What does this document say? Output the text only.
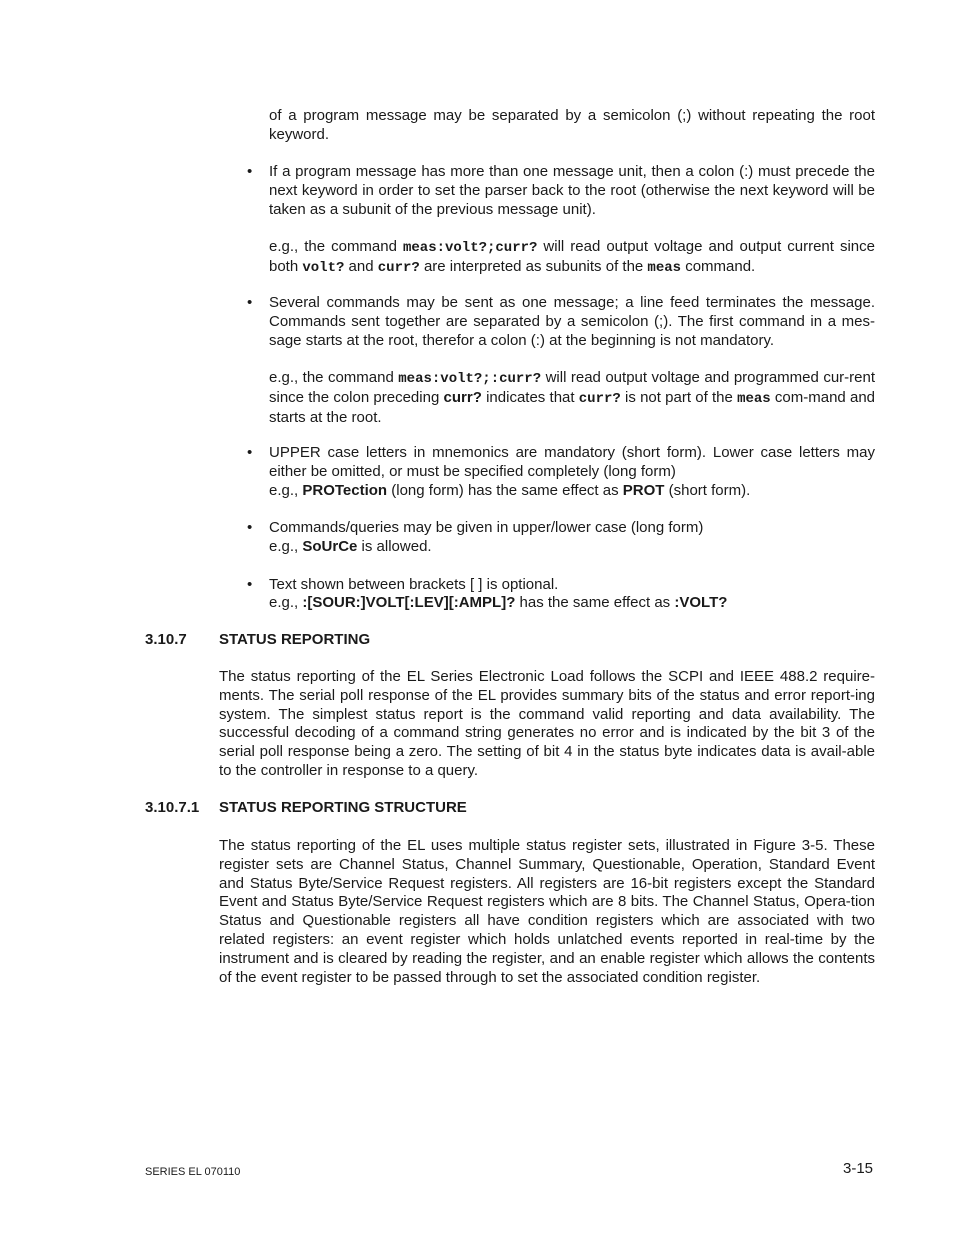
of a program message may be separated by a semicolon (;) without repeating the root keyword.

• If a program message has more than one message unit, then a colon (:) must precede the next keyword in order to set the parser back to the root (otherwise the next keyword will be taken as a subunit of the previous message unit).

e.g., the command meas:volt?;curr? will read output voltage and output current since both volt? and curr? are interpreted as subunits of the meas command.

• Several commands may be sent as one message; a line feed terminates the message. Commands sent together are separated by a semicolon (;). The first command in a mes-sage starts at the root, therefor a colon (:) at the beginning is not mandatory.

e.g., the command meas:volt?;:curr? will read output voltage and programmed cur-rent since the colon preceding curr? indicates that curr? is not part of the meas com-mand and starts at the root.

• UPPER case letters in mnemonics are mandatory (short form). Lower case letters may either be omitted, or must be specified completely (long form)

e.g., PROTection (long form) has the same effect as PROT (short form).

• Commands/queries may be given in upper/lower case (long form)

e.g., SoUrCe is allowed.

• Text shown between brackets [ ] is optional.

e.g., :[SOUR:]VOLT[:LEV][:AMPL]? has the same effect as :VOLT?

3.10.7 STATUS REPORTING

The status reporting of the EL Series Electronic Load follows the SCPI and IEEE 488.2 require-ments. The serial poll response of the EL provides summary bits of the status and error report-ing system. The simplest status report is the command valid reporting and data availability. The successful decoding of a command string generates no error and is indicated by the bit 3 of the serial poll response being a zero. The setting of bit 4 in the status byte indicates data is avail-able to the controller in response to a query.

3.10.7.1 STATUS REPORTING STRUCTURE

The status reporting of the EL uses multiple status register sets, illustrated in Figure 3-5. These register sets are Channel Status, Channel Summary, Questionable, Operation, Standard Event and Status Byte/Service Request registers. All registers are 16-bit registers except the Standard Event and Status Byte/Service Request registers which are 8 bits. The Channel Status, Opera-tion Status and Questionable registers all have condition registers which are associated with two related registers: an event register which holds unlatched events reported in real-time by the instrument and is cleared by reading the register, and an enable register which allows the contents of the event register to be passed through to set the associated condition register.

SERIES EL 070110	3-15
